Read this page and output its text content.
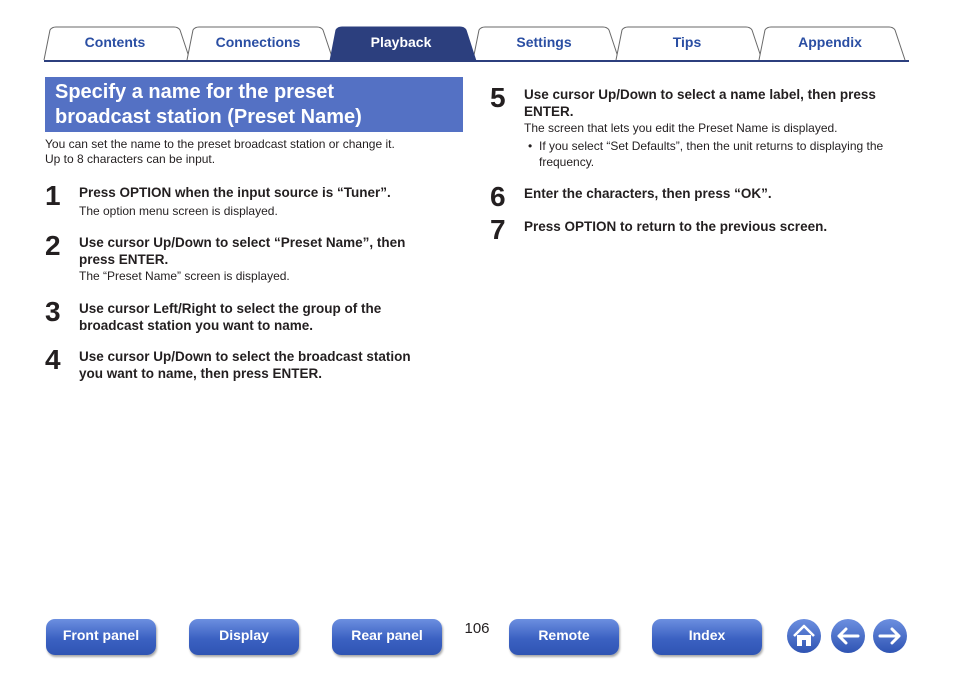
Contents	Connections	Playback	Settings	Tips	Appendix
Specify a name for the preset
broadcast station (Preset Name)
You can set the name to the preset broadcast station or change it.
Up to 8 characters can be input.
1	Press OPTION when the input source is “Tuner”.
The option menu screen is displayed.
2	Use cursor Up/Down to select “Preset Name”, then
press ENTER.
The “Preset Name” screen is displayed.
3	Use cursor Left/Right to select the group of the
broadcast station you want to name.
4	Use cursor Up/Down to select the broadcast station
you want to name, then press ENTER.
5	Use cursor Up/Down to select a name label, then press
ENTER.
The screen that lets you edit the Preset Name is displayed.
• If you select “Set Defaults”, then the unit returns to displaying the
frequency.
6	Enter the characters, then press “OK”.
7	Press OPTION to return to the previous screen.
Front panel	Display	Rear panel	106	Remote	Index
